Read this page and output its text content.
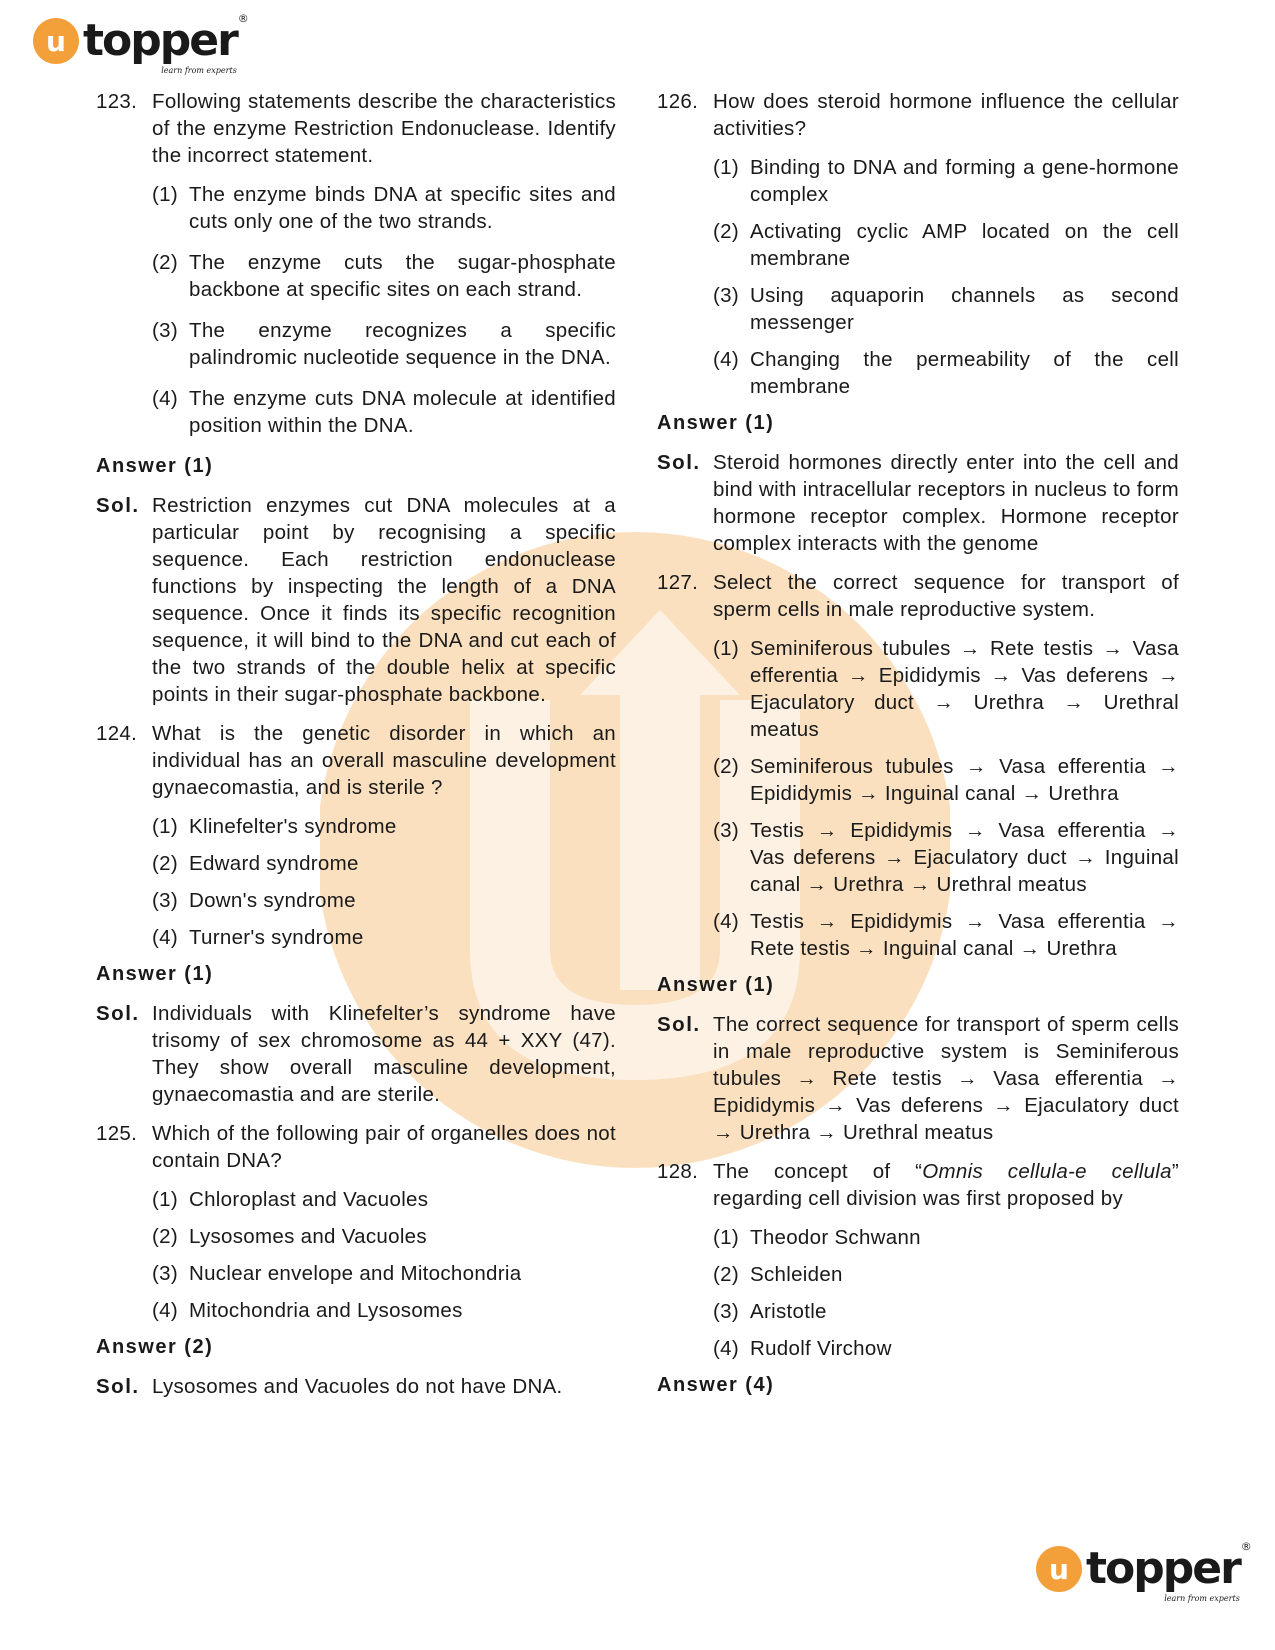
u topper ®
learn from experts
123. Following statements describe the characteristics of the enzyme Restriction Endonuclease. Identify the incorrect statement.
(1) The enzyme binds DNA at specific sites and cuts only one of the two strands.
(2) The enzyme cuts the sugar-phosphate backbone at specific sites on each strand.
(3) The enzyme recognizes a specific palindromic nucleotide sequence in the DNA.
(4) The enzyme cuts DNA molecule at identified position within the DNA.
Answer (1)
Sol. Restriction enzymes cut DNA molecules at a particular point by recognising a specific sequence. Each restriction endonuclease functions by inspecting the length of a DNA sequence. Once it finds its specific recognition sequence, it will bind to the DNA and cut each of the two strands of the double helix at specific points in their sugar-phosphate backbone.
124. What is the genetic disorder in which an individual has an overall masculine development gynaecomastia, and is sterile ?
(1) Klinefelter's syndrome
(2) Edward syndrome
(3) Down's syndrome
(4) Turner's syndrome
Answer (1)
Sol. Individuals with Klinefelter’s syndrome have trisomy of sex chromosome as 44 + XXY (47). They show overall masculine development, gynaecomastia and are sterile.
125. Which of the following pair of organelles does not contain DNA?
(1) Chloroplast and Vacuoles
(2) Lysosomes and Vacuoles
(3) Nuclear envelope and Mitochondria
(4) Mitochondria and Lysosomes
Answer (2)
Sol. Lysosomes and Vacuoles do not have DNA.
126. How does steroid hormone influence the cellular activities?
(1) Binding to DNA and forming a gene-hormone complex
(2) Activating cyclic AMP located on the cell membrane
(3) Using aquaporin channels as second messenger
(4) Changing the permeability of the cell membrane
Answer (1)
Sol. Steroid hormones directly enter into the cell and bind with intracellular receptors in nucleus to form hormone receptor complex. Hormone receptor complex interacts with the genome
127. Select the correct sequence for transport of sperm cells in male reproductive system.
(1) Seminiferous tubules → Rete testis → Vasa efferentia → Epididymis → Vas deferens → Ejaculatory duct → Urethra → Urethral meatus
(2) Seminiferous tubules → Vasa efferentia → Epididymis → Inguinal canal → Urethra
(3) Testis → Epididymis → Vasa efferentia → Vas deferens → Ejaculatory duct → Inguinal canal → Urethra → Urethral meatus
(4) Testis → Epididymis → Vasa efferentia → Rete testis → Inguinal canal → Urethra
Answer (1)
Sol. The correct sequence for transport of sperm cells in male reproductive system is Seminiferous tubules → Rete testis → Vasa efferentia → Epididymis → Vas deferens → Ejaculatory duct → Urethra → Urethral meatus
128. The concept of “Omnis cellula-e cellula” regarding cell division was first proposed by
(1) Theodor Schwann
(2) Schleiden
(3) Aristotle
(4) Rudolf Virchow
Answer (4)
u topper ®
learn from experts
